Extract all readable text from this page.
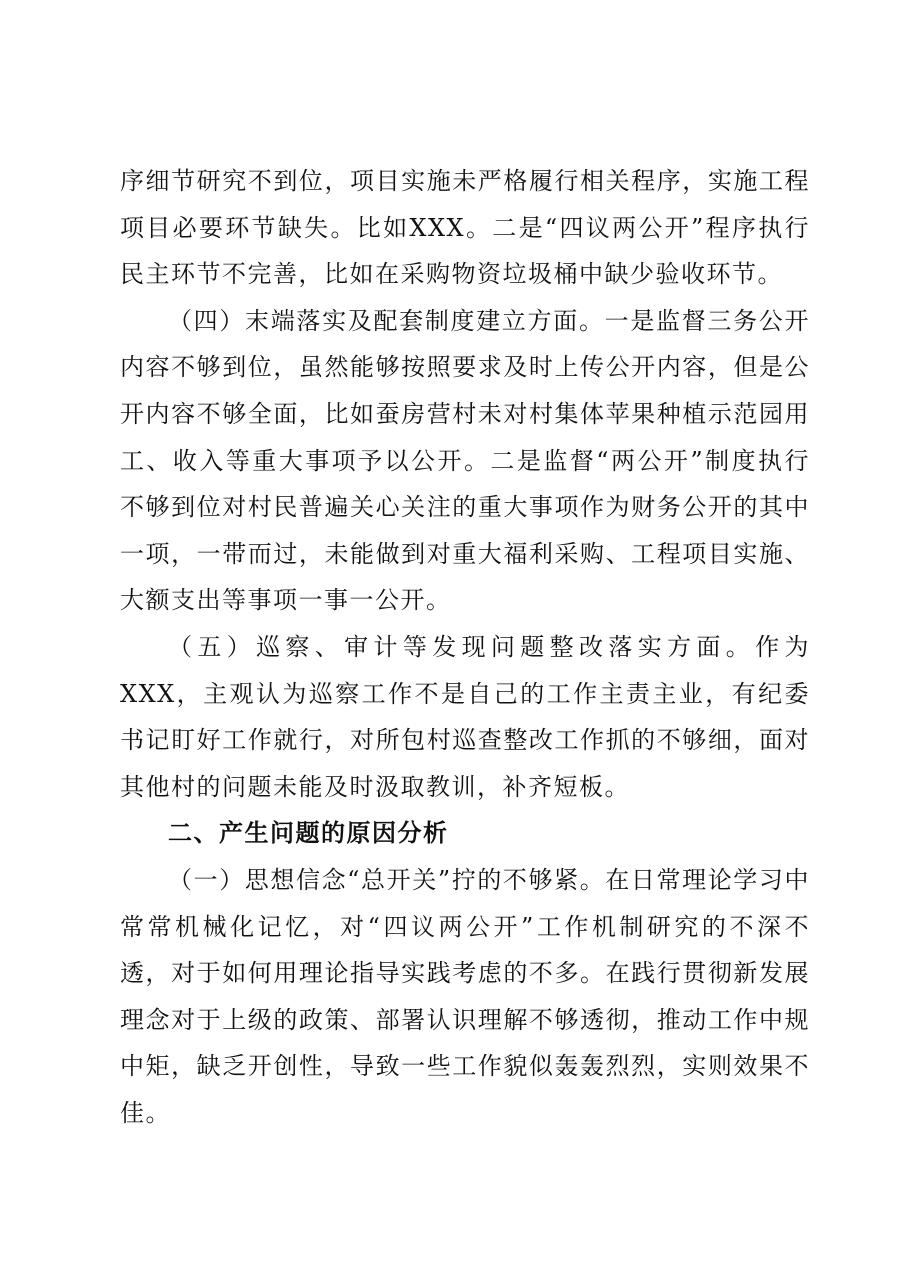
序细节研究不到位，项目实施未严格履行相关程序，实施工程项目必要环节缺失。比如XXX。二是“四议两公开”程序执行民主环节不完善，比如在采购物资垃圾桶中缺少验收环节。

（四）末端落实及配套制度建立方面。一是监督三务公开内容不够到位，虽然能够按照要求及时上传公开内容，但是公开内容不够全面，比如蚕房营村未对村集体苹果种植示范园用工、收入等重大事项予以公开。二是监督“两公开”制度执行不够到位对村民普遍关心关注的重大事项作为财务公开的其中一项，一带而过，未能做到对重大福利采购、工程项目实施、大额支出等事项一事一公开。

（五）巡察、审计等发现问题整改落实方面。作为XXX，主观认为巡察工作不是自己的工作主责主业，有纪委书记盯好工作就行，对所包村巡查整改工作抓的不够细，面对其他村的问题未能及时汲取教训，补齐短板。

二、产生问题的原因分析

（一）思想信念“总开关”拧的不够紧。在日常理论学习中常常机械化记忆，对“四议两公开”工作机制研究的不深不透，对于如何用理论指导实践考虑的不多。在践行贯彻新发展理念对于上级的政策、部署认识理解不够透彻，推动工作中规中矩，缺乏开创性，导致一些工作貌似轰轰烈烈，实则效果不佳。
